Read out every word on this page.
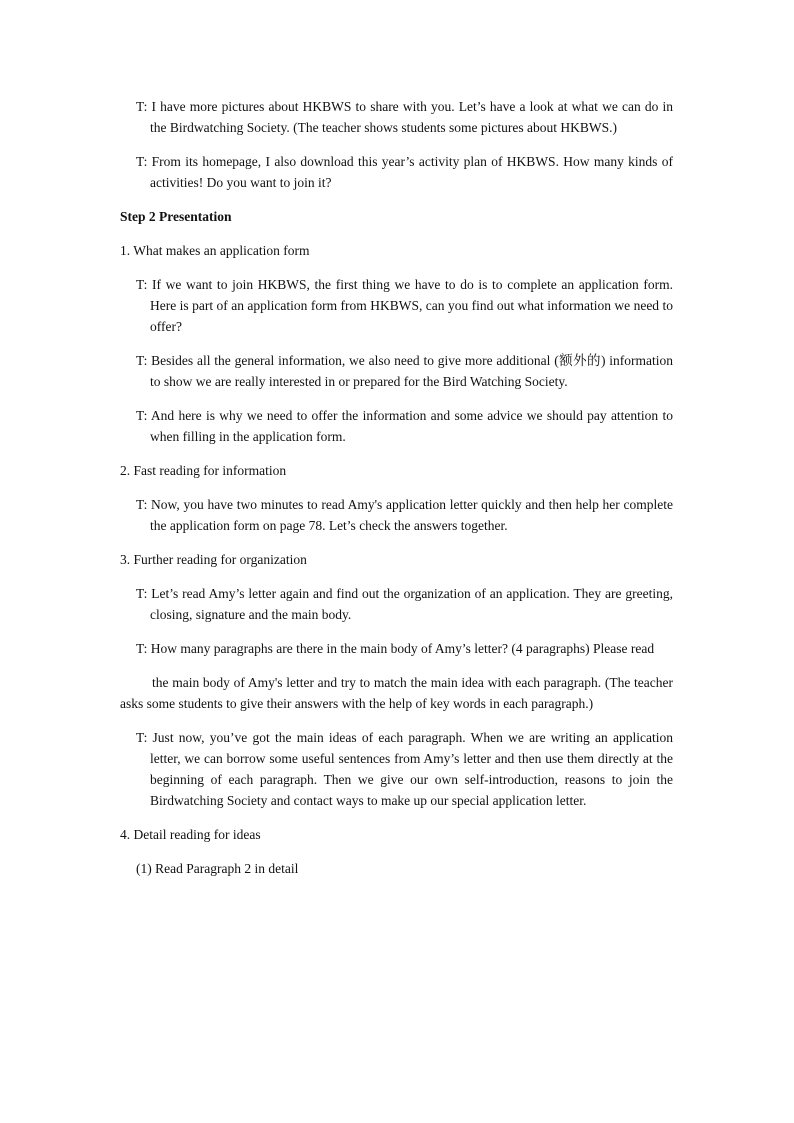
T: I have more pictures about HKBWS to share with you. Let’s have a look at what we can do in the Birdwatching Society. (The teacher shows students some pictures about HKBWS.)
T: From its homepage, I also download this year’s activity plan of HKBWS. How many kinds of activities! Do you want to join it?
Step 2 Presentation
1. What makes an application form
T: If we want to join HKBWS, the first thing we have to do is to complete an application form. Here is part of an application form from HKBWS, can you find out what information we need to offer?
T: Besides all the general information, we also need to give more additional (额外的) information to show we are really interested in or prepared for the Bird Watching Society.
T: And here is why we need to offer the information and some advice we should pay attention to when filling in the application form.
2. Fast reading for information
T: Now, you have two minutes to read Amy's application letter quickly and then help her complete the application form on page 78. Let’s check the answers together.
3. Further reading for organization
T: Let’s read Amy’s letter again and find out the organization of an application. They are greeting, closing, signature and the main body.
T: How many paragraphs are there in the main body of Amy’s letter? (4 paragraphs) Please read
the main body of Amy's letter and try to match the main idea with each paragraph. (The teacher asks some students to give their answers with the help of key words in each paragraph.)
T: Just now, you’ve got the main ideas of each paragraph. When we are writing an application letter, we can borrow some useful sentences from Amy’s letter and then use them directly at the beginning of each paragraph. Then we give our own self-introduction, reasons to join the Birdwatching Society and contact ways to make up our special application letter.
4. Detail reading for ideas
(1) Read Paragraph 2 in detail
